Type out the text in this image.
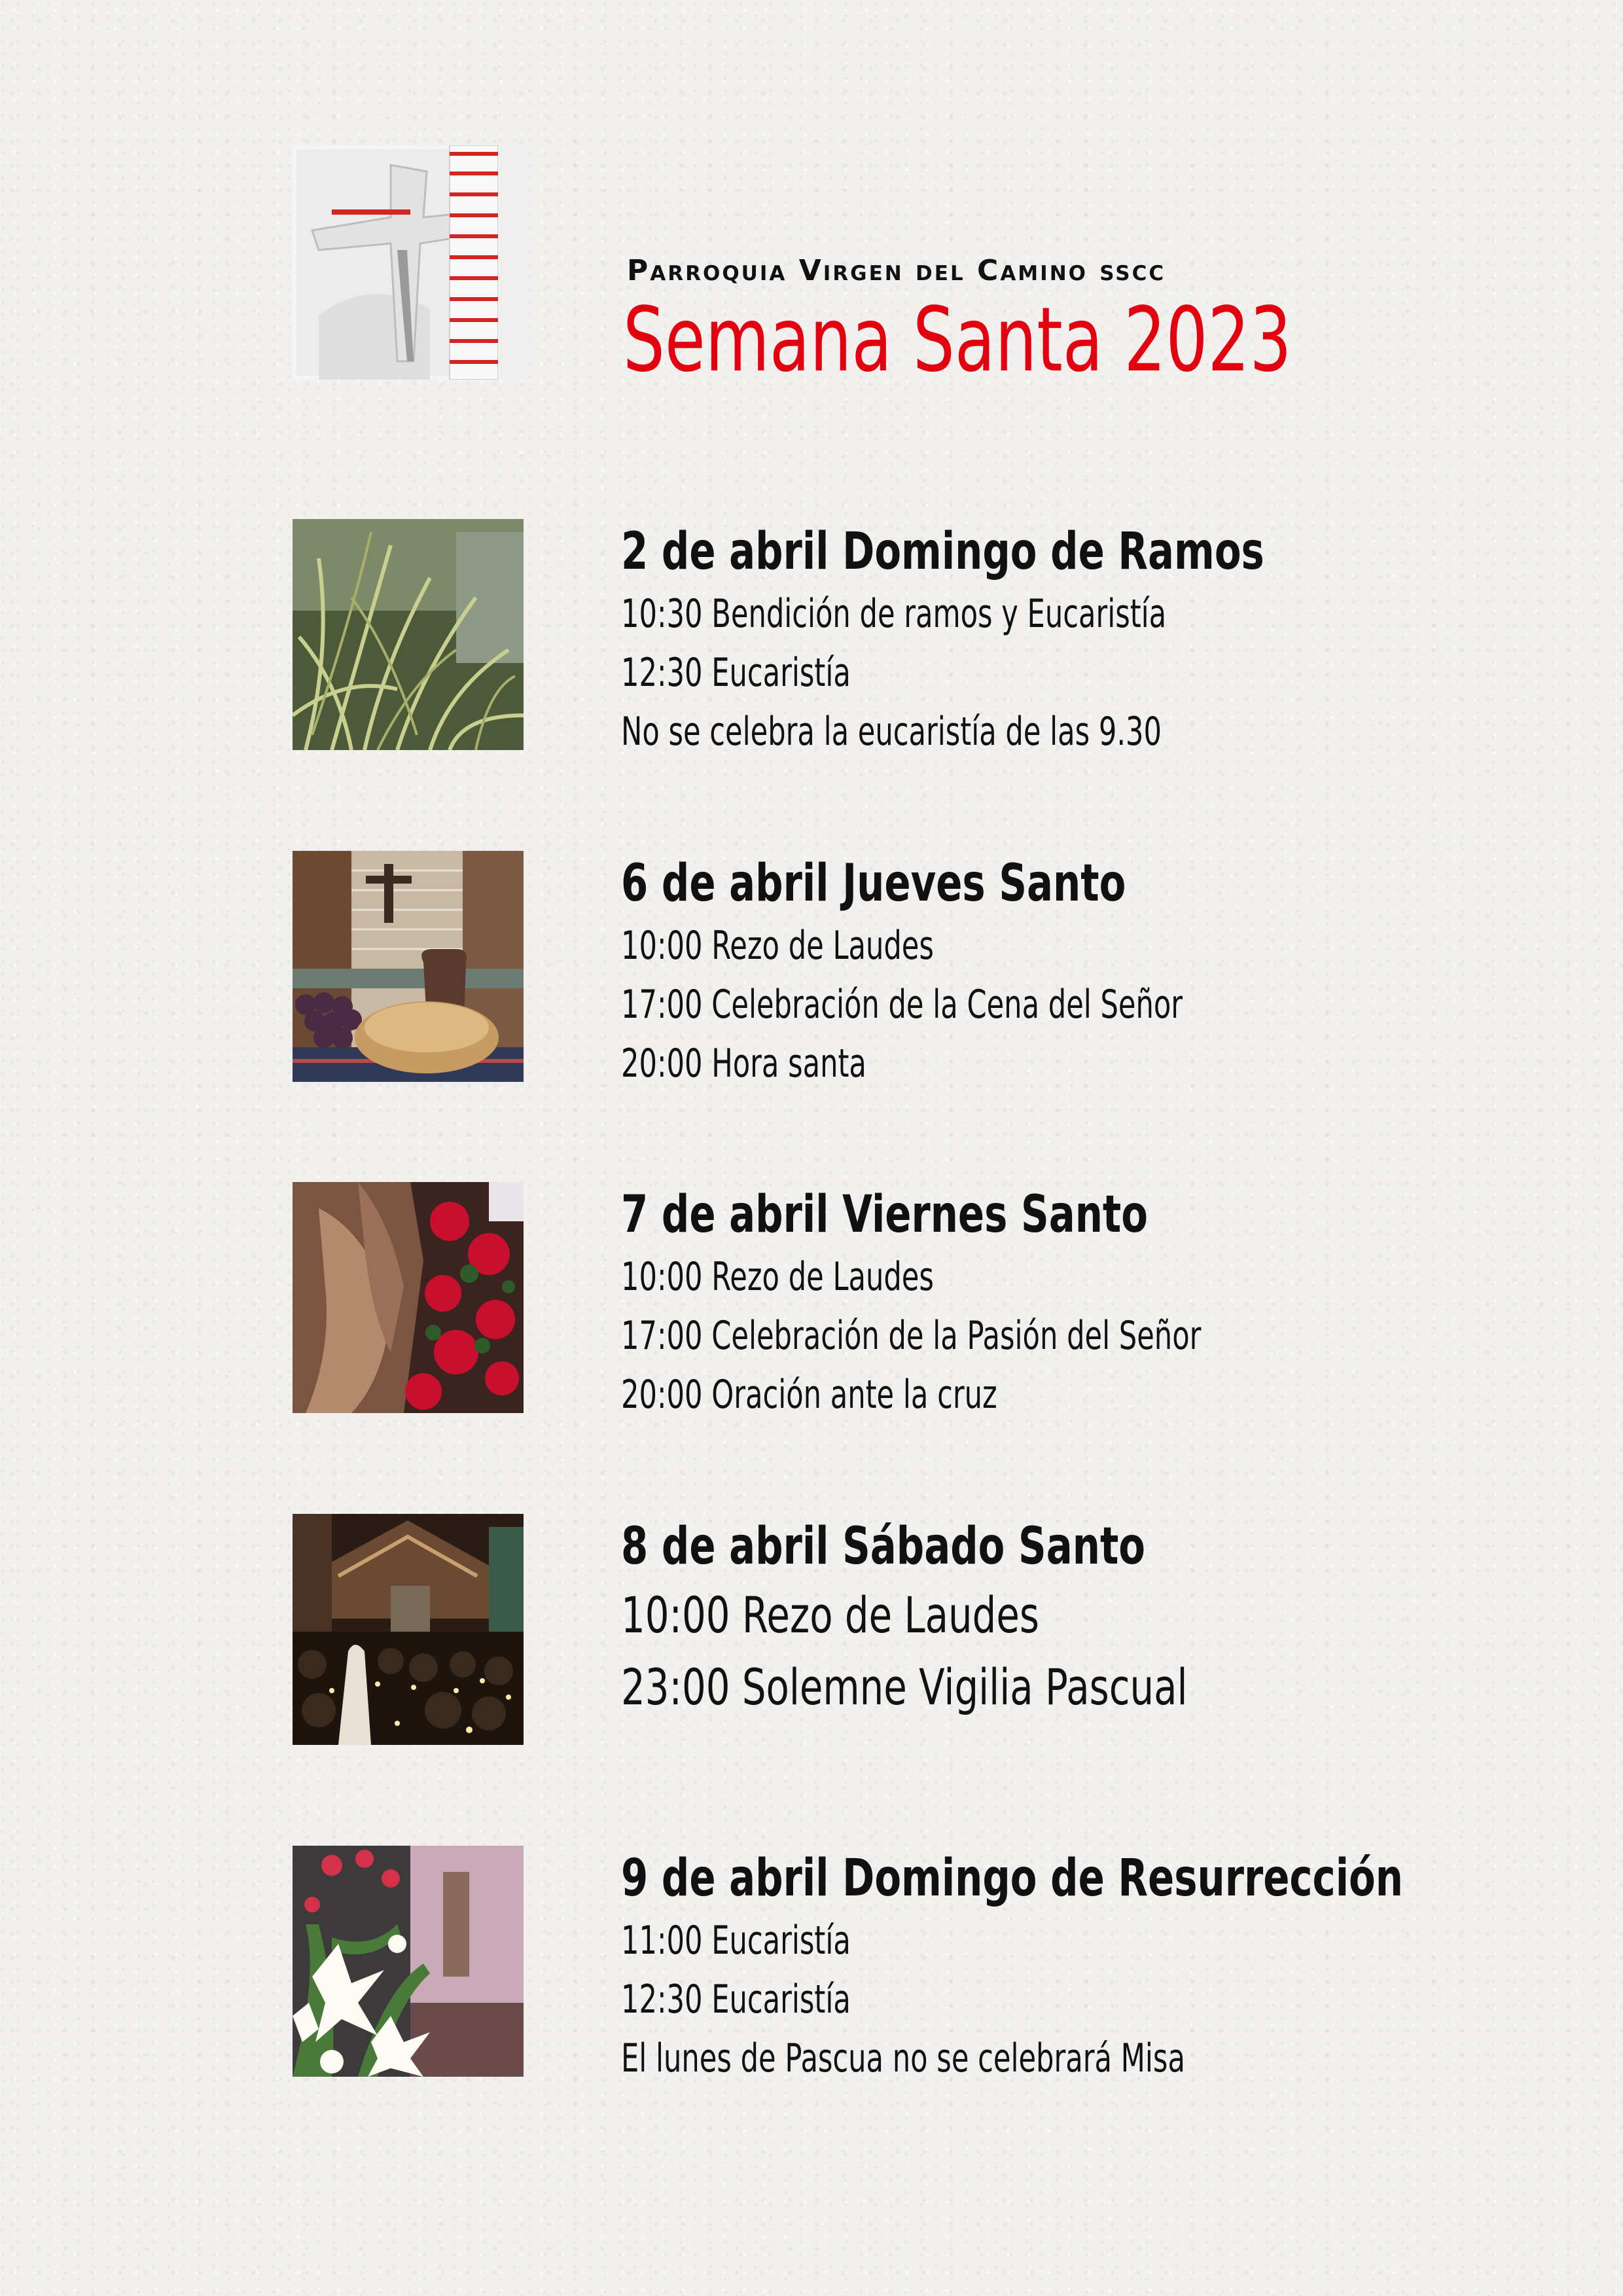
Parroquia Virgen del Camino sscc

Semana Santa 2023
2 de abril Domingo de Ramos
10:30 Bendición de ramos y Eucaristía
12:30 Eucaristía
No se celebra la eucaristía de las 9.30
6 de abril Jueves Santo
10:00 Rezo de Laudes
17:00 Celebración de la Cena del Señor
20:00 Hora santa
7 de abril Viernes Santo
10:00 Rezo de Laudes
17:00 Celebración de la Pasión del Señor
20:00 Oración ante la cruz
8 de abril Sábado Santo
10:00 Rezo de Laudes
23:00 Solemne Vigilia Pascual
9 de abril Domingo de Resurrección
11:00 Eucaristía
12:30 Eucaristía
El lunes de Pascua no se celebrará Misa
